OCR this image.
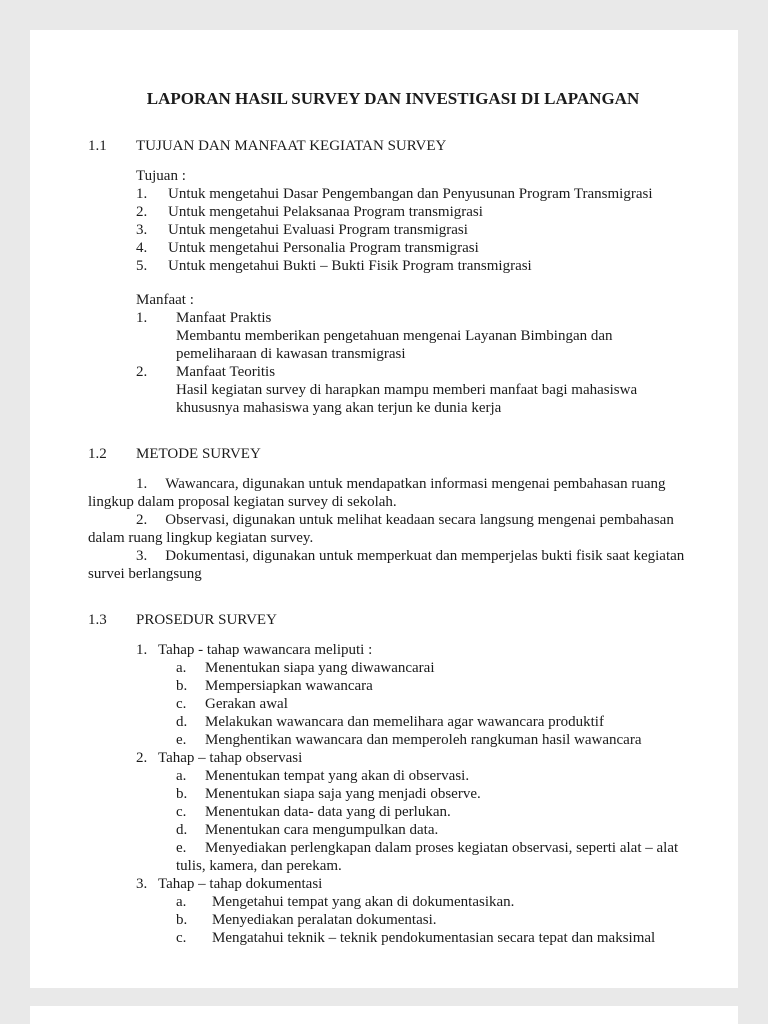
LAPORAN HASIL SURVEY DAN INVESTIGASI DI LAPANGAN
1.1	TUJUAN DAN MANFAAT KEGIATAN SURVEY

Tujuan :

1.	Untuk mengetahui Dasar Pengembangan dan Penyusunan Program Transmigrasi
2.	Untuk mengetahui Pelaksanaa Program transmigrasi
3.	Untuk mengetahui Evaluasi Program transmigrasi
4.	Untuk mengetahui Personalia Program transmigrasi
5.	Untuk mengetahui Bukti – Bukti Fisik Program transmigrasi

Manfaat :

1.	Manfaat Praktis

Membantu memberikan pengetahuan mengenai Layanan Bimbingan dan pemeliharaan di kawasan transmigrasi

2.	Manfaat Teoritis

Hasil kegiatan survey di harapkan mampu memberi manfaat bagi mahasiswa khususnya mahasiswa yang akan terjun ke dunia kerja

1.2	METODE SURVEY

1. Wawancara, digunakan untuk mendapatkan informasi mengenai pembahasan ruang lingkup dalam proposal kegiatan survey di sekolah.

2. Observasi, digunakan untuk melihat keadaan secara langsung mengenai pembahasan dalam ruang lingkup kegiatan survey.

3. Dokumentasi, digunakan untuk memperkuat dan memperjelas bukti fisik saat kegiatan survei berlangsung

1.3	PROSEDUR SURVEY
1. Tahap - tahap wawancara meliputi :

a. Menentukan siapa yang diwawancarai

b. Mempersiapkan wawancara

c. Gerakan awal

d. Melakukan wawancara dan memelihara agar wawancara produktif

e. Menghentikan wawancara dan memperoleh rangkuman hasil wawancara

2. Tahap – tahap observasi

a. Menentukan tempat yang akan di observasi.

b. Menentukan siapa saja yang menjadi observe.

c. Menentukan data- data yang di perlukan.

d. Menentukan cara mengumpulkan data.

e. Menyediakan perlengkapan dalam proses kegiatan observasi, seperti alat – alat tulis, kamera, dan perekam.

3. Tahap – tahap dokumentasi

a. Mengetahui tempat yang akan di dokumentasikan.

b. Menyediakan peralatan dokumentasi.

c. Mengatahui teknik – teknik pendokumentasian secara tepat dan maksimal
